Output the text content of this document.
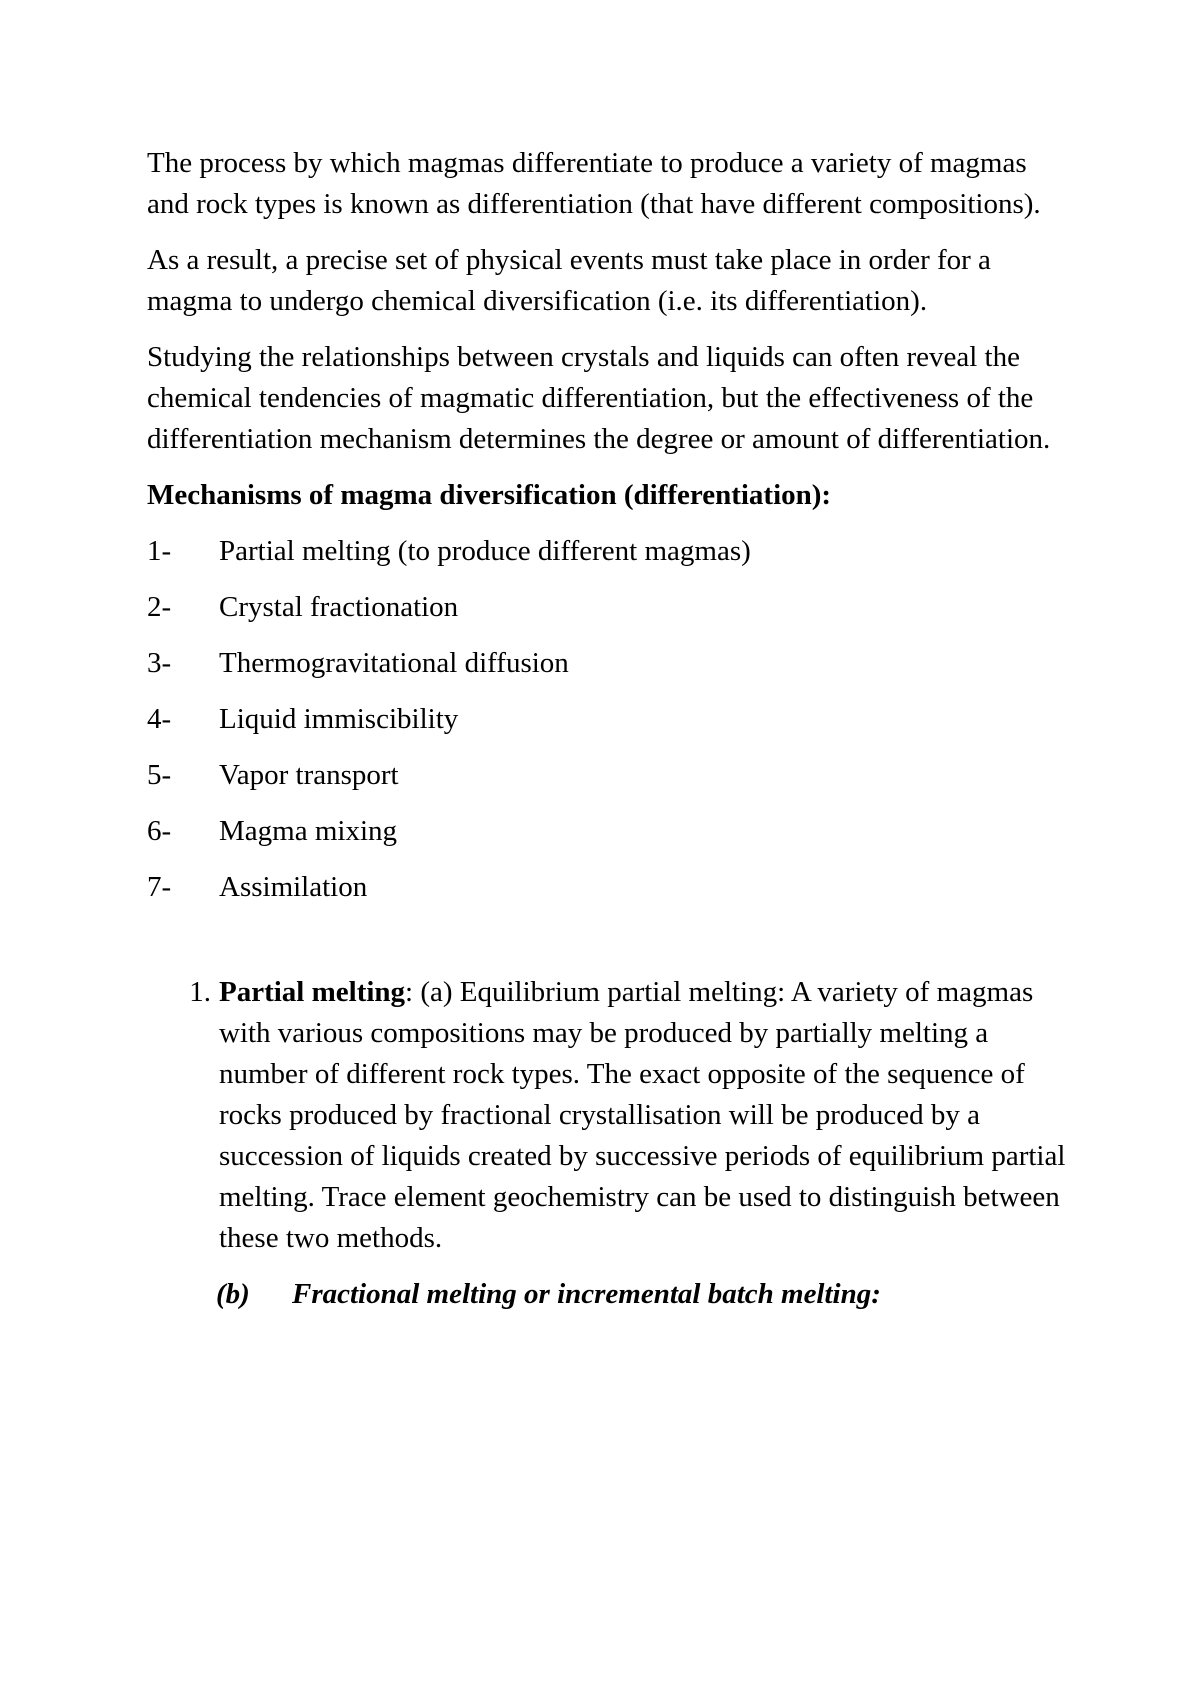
The process by which magmas differentiate to produce a variety of magmas and rock types is known as differentiation (that have different compositions).

As a result, a precise set of physical events must take place in order for a magma to undergo chemical diversification (i.e. its differentiation).

Studying the relationships between crystals and liquids can often reveal the chemical tendencies of magmatic differentiation, but the effectiveness of the differentiation mechanism determines the degree or amount of differentiation.

Mechanisms of magma diversification (differentiation):

1-	Partial melting (to produce different magmas)
2-	Crystal fractionation
3-	Thermogravitational diffusion
4-	Liquid immiscibility
5-	Vapor transport
6-	Magma mixing
7-	Assimilation
1. Partial melting: (a) Equilibrium partial melting: A variety of magmas with various compositions may be produced by partially melting a number of different rock types. The exact opposite of the sequence of rocks produced by fractional crystallisation will be produced by a succession of liquids created by successive periods of equilibrium partial melting. Trace element geochemistry can be used to distinguish between these two methods.
(b)	Fractional melting or incremental batch melting:
